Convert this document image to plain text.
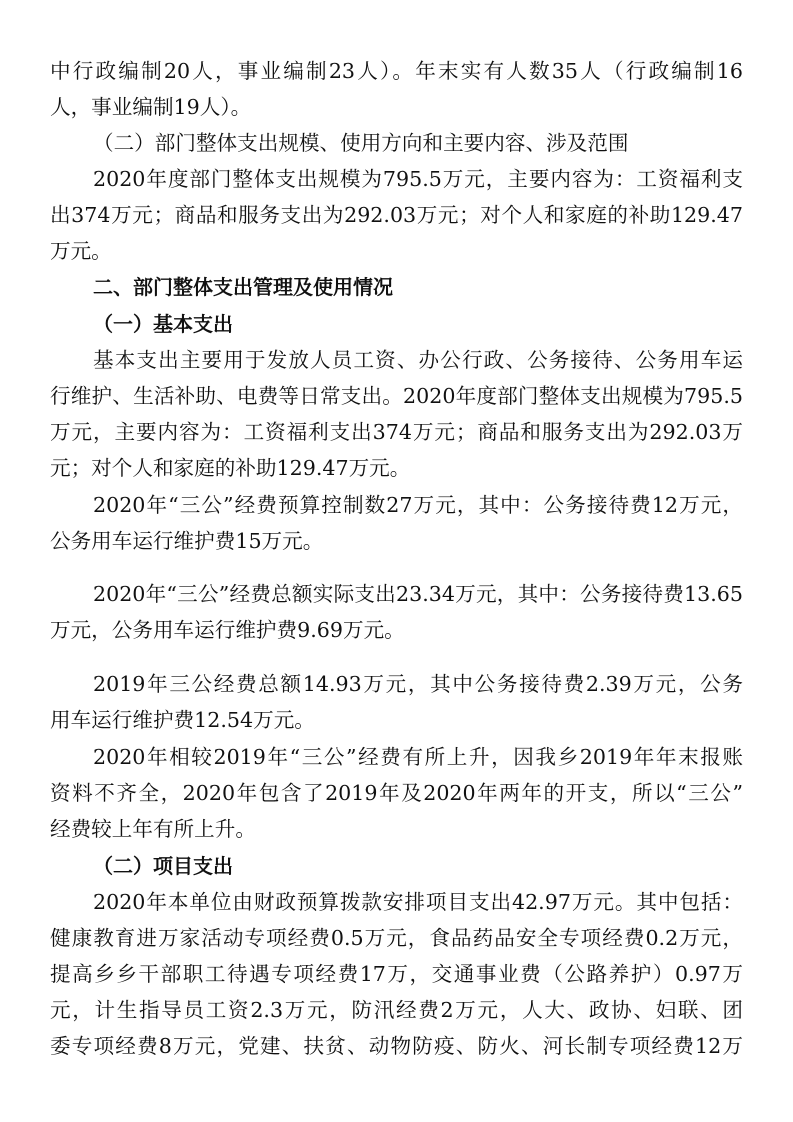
中行政编制20人，事业编制23人）。年末实有人数35人（行政编制16
人，事业编制19人）。
（二）部门整体支出规模、使用方向和主要内容、涉及范围
2020年度部门整体支出规模为795.5万元，主要内容为：工资福利支
出374万元；商品和服务支出为292.03万元；对个人和家庭的补助129.47
万元。
二、部门整体支出管理及使用情况
（一）基本支出
基本支出主要用于发放人员工资、办公行政、公务接待、公务用车运
行维护、生活补助、电费等日常支出。2020年度部门整体支出规模为795.5
万元，主要内容为：工资福利支出374万元；商品和服务支出为292.03万
元；对个人和家庭的补助129.47万元。
2020年“三公”经费预算控制数27万元，其中：公务接待费12万元，
公务用车运行维护费15万元。
2020年“三公”经费总额实际支出23.34万元，其中：公务接待费13.65
万元，公务用车运行维护费9.69万元。
2019年三公经费总额14.93万元，其中公务接待费2.39万元，公务
用车运行维护费12.54万元。
2020年相较2019年“三公”经费有所上升，因我乡2019年年末报账
资料不齐全，2020年包含了2019年及2020年两年的开支，所以“三公”
经费较上年有所上升。
（二）项目支出
2020年本单位由财政预算拨款安排项目支出42.97万元。其中包括：
健康教育进万家活动专项经费0.5万元，食品药品安全专项经费0.2万元，
提高乡乡干部职工待遇专项经费17万，交通事业费（公路养护）0.97万
元，计生指导员工资2.3万元，防汛经费2万元，人大、政协、妇联、团
委专项经费8万元，党建、扶贫、动物防疫、防火、河长制专项经费12万
